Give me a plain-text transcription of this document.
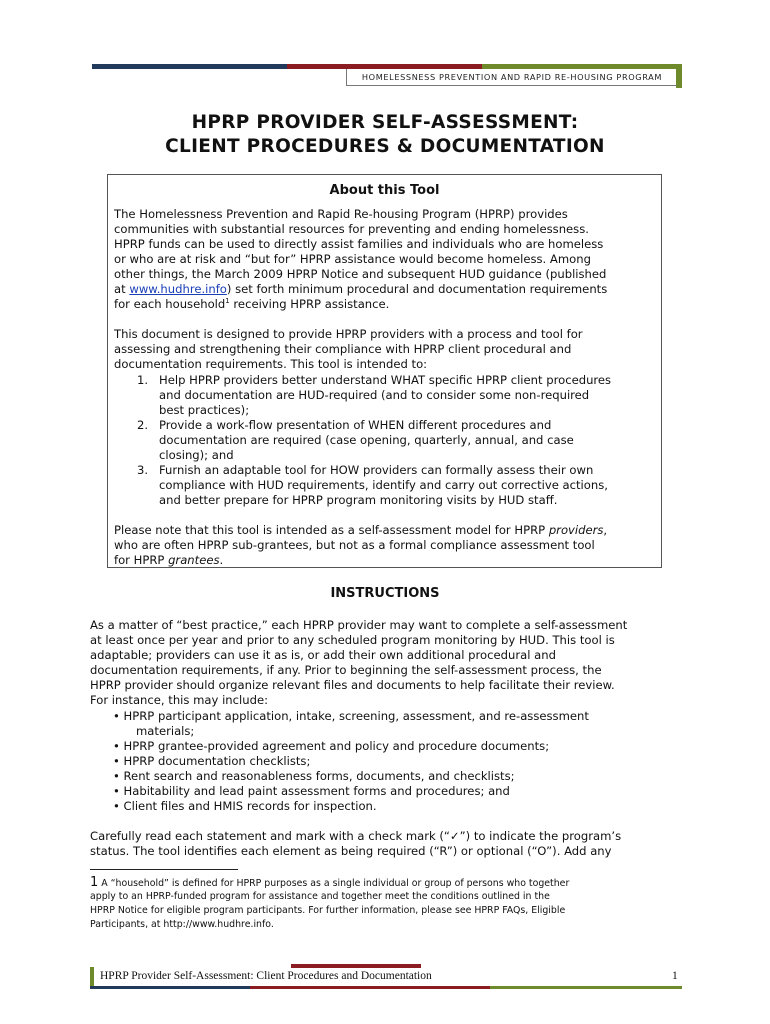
HOMELESSNESS PREVENTION AND RAPID RE-HOUSING PROGRAM
HPRP PROVIDER SELF-ASSESSMENT:
CLIENT PROCEDURES & DOCUMENTATION
About this Tool
The Homelessness Prevention and Rapid Re-housing Program (HPRP) provides
communities with substantial resources for preventing and ending homelessness.
HPRP funds can be used to directly assist families and individuals who are homeless
or who are at risk and “but for” HPRP assistance would become homeless. Among
other things, the March 2009 HPRP Notice and subsequent HUD guidance (published
at www.hudhre.info) set forth minimum procedural and documentation requirements
for each household$^1$ receiving HPRP assistance.
This document is designed to provide HPRP providers with a process and tool for
assessing and strengthening their compliance with HPRP client procedural and
documentation requirements. This tool is intended to:
1. Help HPRP providers better understand WHAT specific HPRP client procedures
and documentation are HUD-required (and to consider some non-required
best practices);
2. Provide a work-flow presentation of WHEN different procedures and
documentation are required (case opening, quarterly, annual, and case
closing); and
3. Furnish an adaptable tool for HOW providers can formally assess their own
compliance with HUD requirements, identify and carry out corrective actions,
and better prepare for HPRP program monitoring visits by HUD staff.
Please note that this tool is intended as a self-assessment model for HPRP providers,
who are often HPRP sub-grantees, but not as a formal compliance assessment tool
for HPRP grantees.
INSTRUCTIONS
As a matter of “best practice,” each HPRP provider may want to complete a self-assessment
at least once per year and prior to any scheduled program monitoring by HUD. This tool is
adaptable; providers can use it as is, or add their own additional procedural and
documentation requirements, if any. Prior to beginning the self-assessment process, the
HPRP provider should organize relevant files and documents to help facilitate their review.
For instance, this may include:
• HPRP participant application, intake, screening, assessment, and re-assessment
materials;
• HPRP grantee-provided agreement and policy and procedure documents;
• HPRP documentation checklists;
• Rent search and reasonableness forms, documents, and checklists;
• Habitability and lead paint assessment forms and procedures; and
• Client files and HMIS records for inspection.
Carefully read each statement and mark with a check mark (“✓”) to indicate the program’s
status. The tool identifies each element as being required (“R”) or optional (“O”). Add any
1 A “household” is defined for HPRP purposes as a single individual or group of persons who together
apply to an HPRP-funded program for assistance and together meet the conditions outlined in the
HPRP Notice for eligible program participants. For further information, please see HPRP FAQs, Eligible
Participants, at http://www.hudhre.info.
HPRP Provider Self-Assessment: Client Procedures and Documentation	1
